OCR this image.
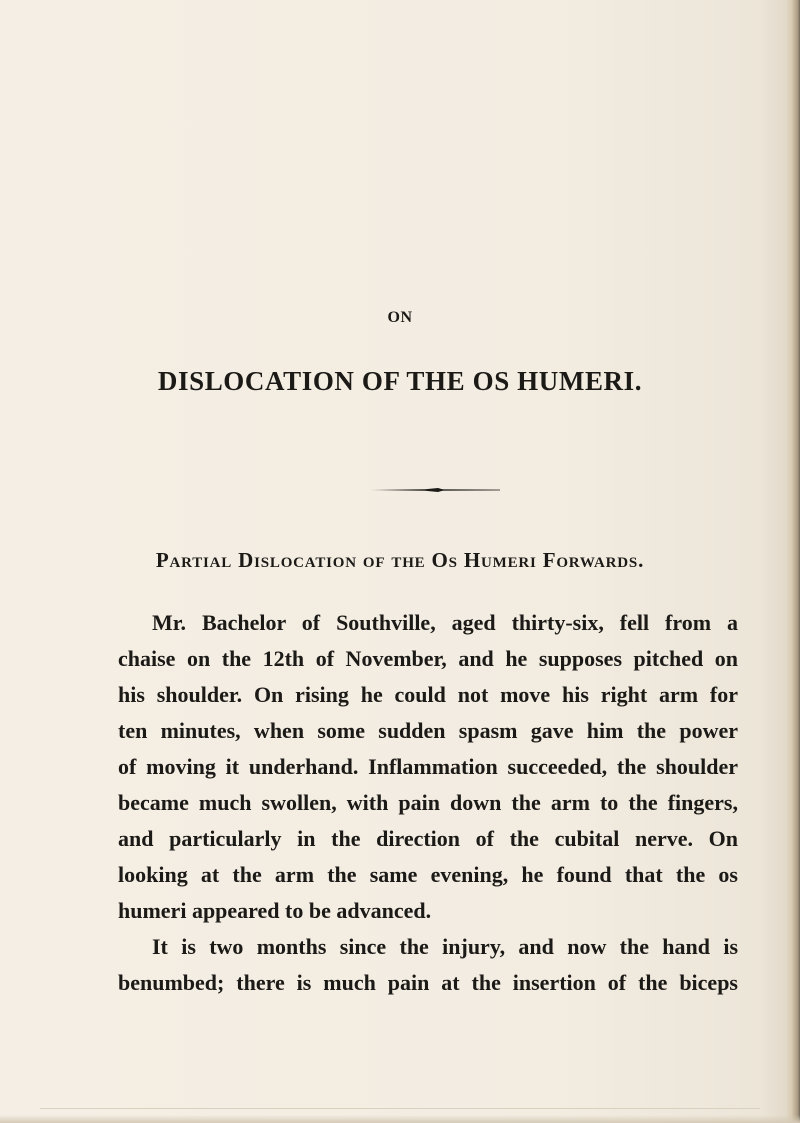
ON
DISLOCATION OF THE OS HUMERI.
Partial Dislocation of the Os Humeri Forwards.
Mr. Bachelor of Southville, aged thirty-six, fell from a
chaise on the 12th of November, and he supposes pitched on
his shoulder. On rising he could not move his right arm for
ten minutes, when some sudden spasm gave him the power
of moving it underhand. Inflammation succeeded, the shoulder
became much swollen, with pain down the arm to the fingers,
and particularly in the direction of the cubital nerve. On
looking at the arm the same evening, he found that the os
humeri appeared to be advanced.
It is two months since the injury, and now the hand is
benumbed; there is much pain at the insertion of the biceps
